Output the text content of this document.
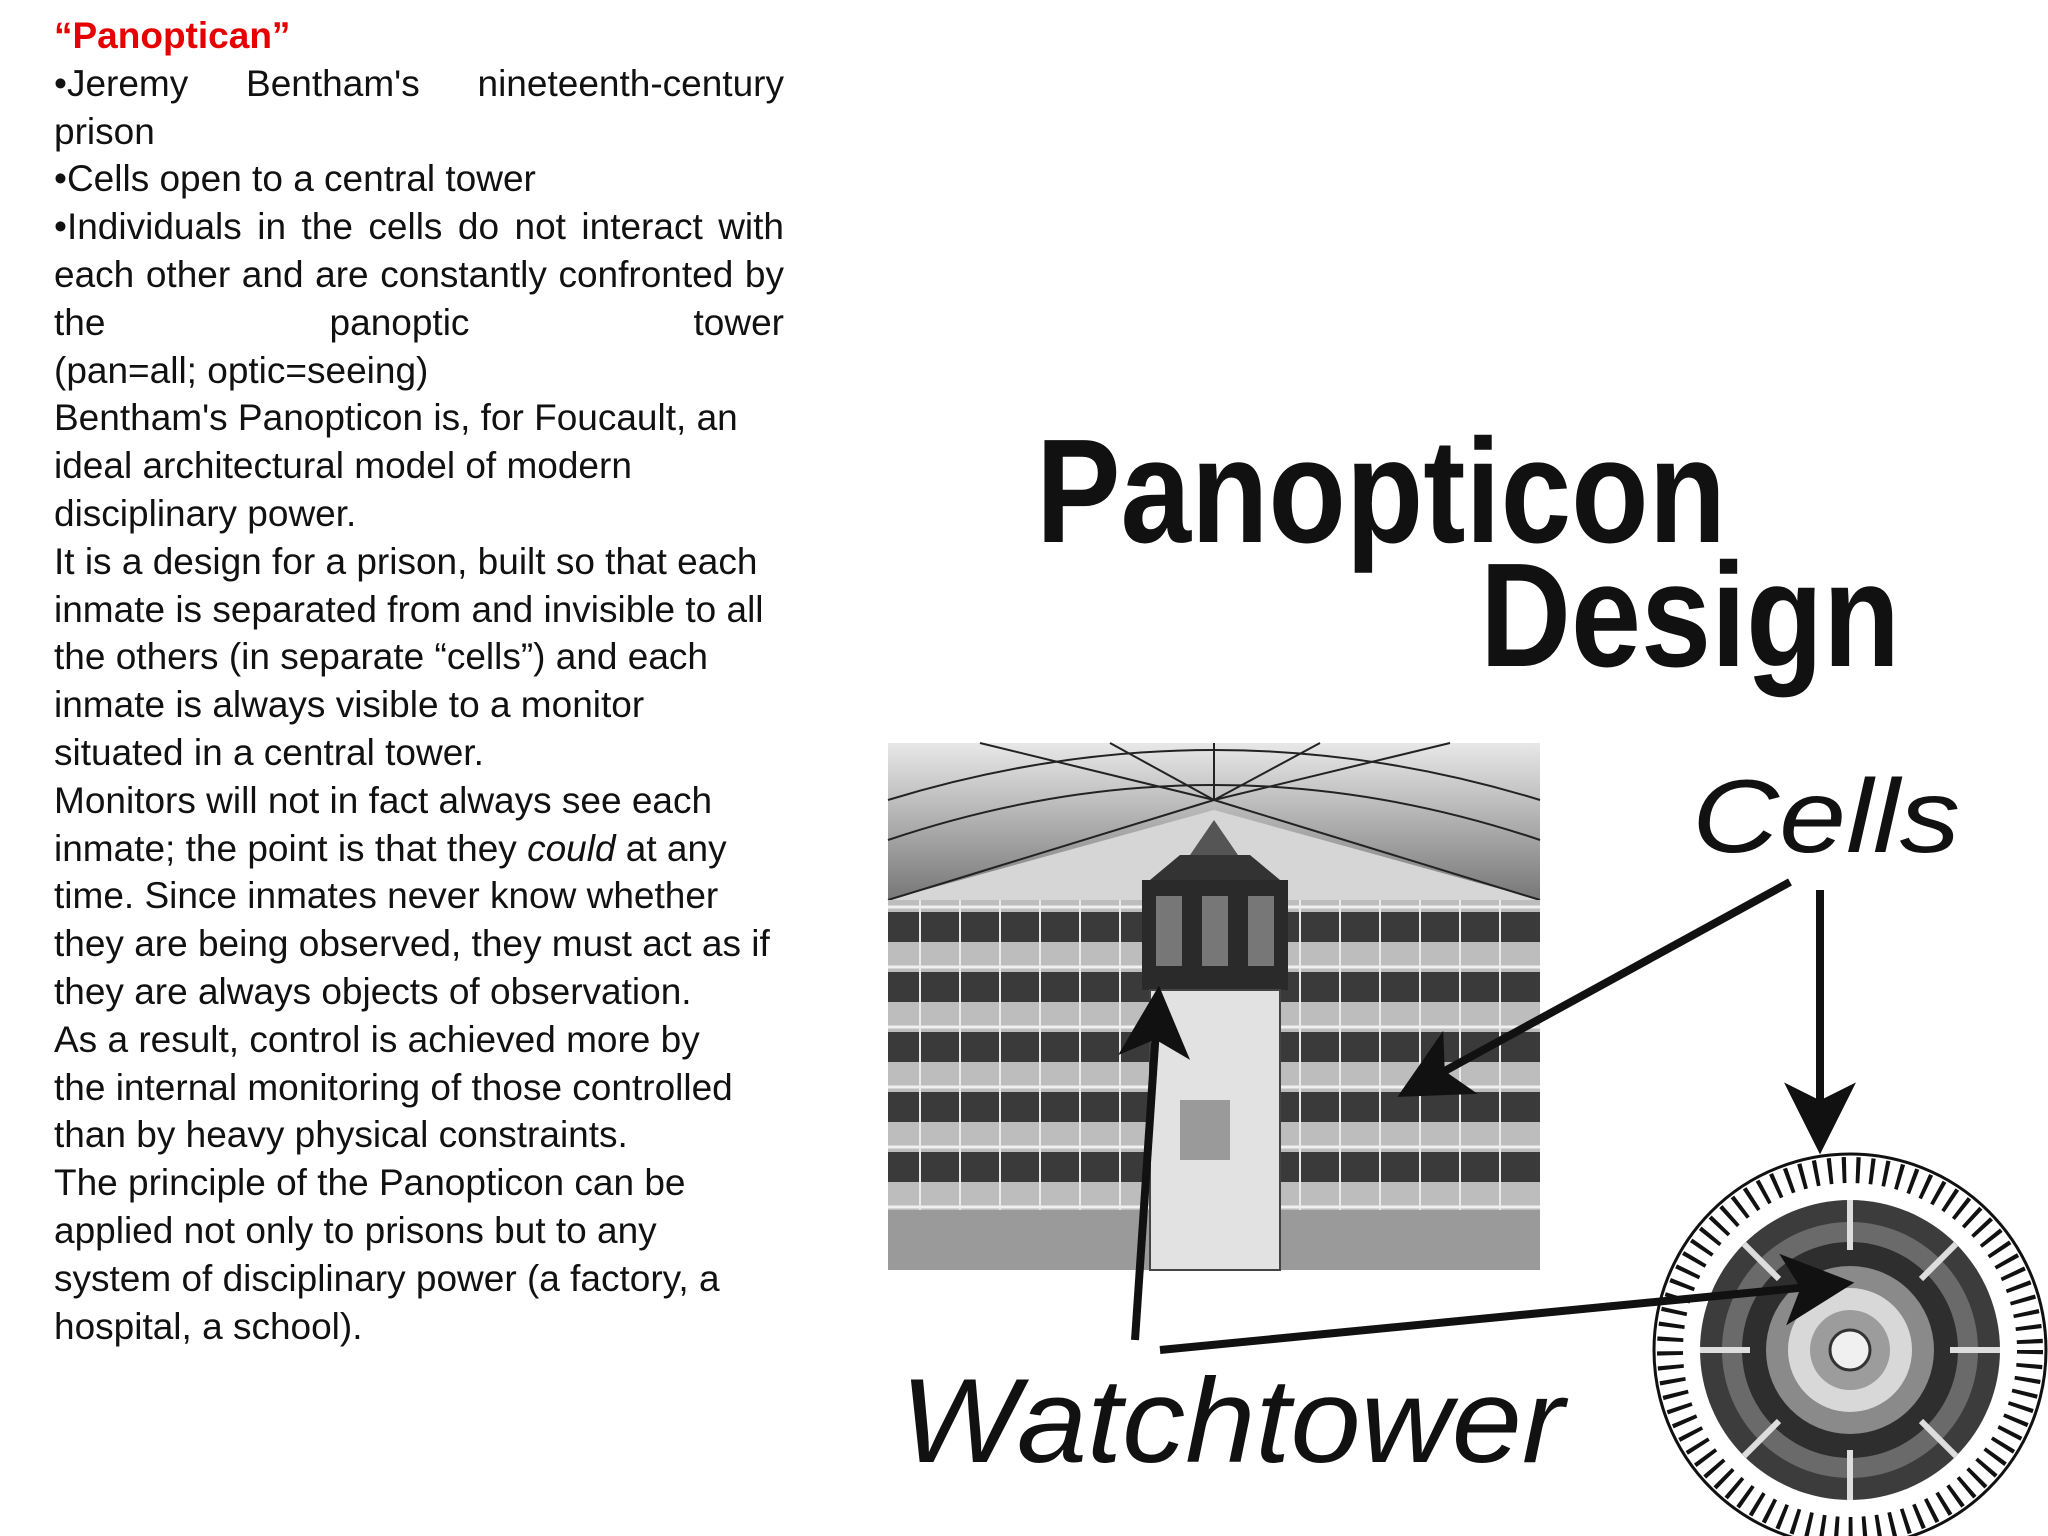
“Panoptican”

•Jeremy Bentham's nineteenth-century

prison

•Cells open to a central tower

•Individuals in the cells do not interact with each other and are constantly confronted by the panoptic tower

(pan=all; optic=seeing)

Bentham's Panopticon is, for Foucault, an ideal architectural model of modern disciplinary power.

It is a design for a prison, built so that each inmate is separated from and invisible to all the others (in separate “cells”) and each inmate is always visible to a monitor situated in a central tower.

Monitors will not in fact always see each inmate; the point is that they could at any time. Since inmates never know whether they are being observed, they must act as if they are always objects of observation.

As a result, control is achieved more by the internal monitoring of those controlled than by heavy physical constraints.

The principle of the Panopticon can be applied not only to prisons but to any system of disciplinary power (a factory, a hospital, a school).

Panopticon
Design
Cells
Watchtower
